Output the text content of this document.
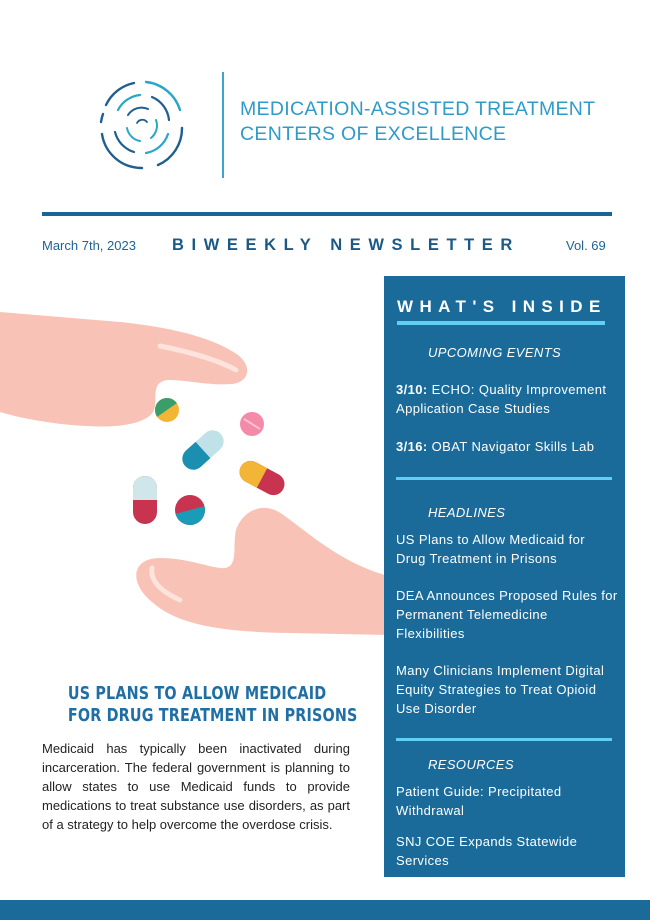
MEDICATION-ASSISTED TREATMENT
CENTERS OF EXCELLENCE
March 7th, 2023 BIWEEKLY NEWSLETTER	Vol. 69
US PLANS TO ALLOW MEDICAID
FOR DRUG TREATMENT IN PRISONS
Medicaid has typically been inactivated during incarceration. The federal government is planning to allow states to use Medicaid funds to provide medications to treat substance use disorders, as part of a strategy to help overcome the overdose crisis.
WHAT'S INSIDE
UPCOMING EVENTS
3/10: ECHO: Quality Improvement Application Case Studies
3/16: OBAT Navigator Skills Lab
HEADLINES
US Plans to Allow Medicaid for Drug Treatment in Prisons
DEA Announces Proposed Rules for Permanent Telemedicine Flexibilities
Many Clinicians Implement Digital Equity Strategies to Treat Opioid Use Disorder
RESOURCES
Patient Guide: Precipitated Withdrawal
SNJ COE Expands Statewide Services
